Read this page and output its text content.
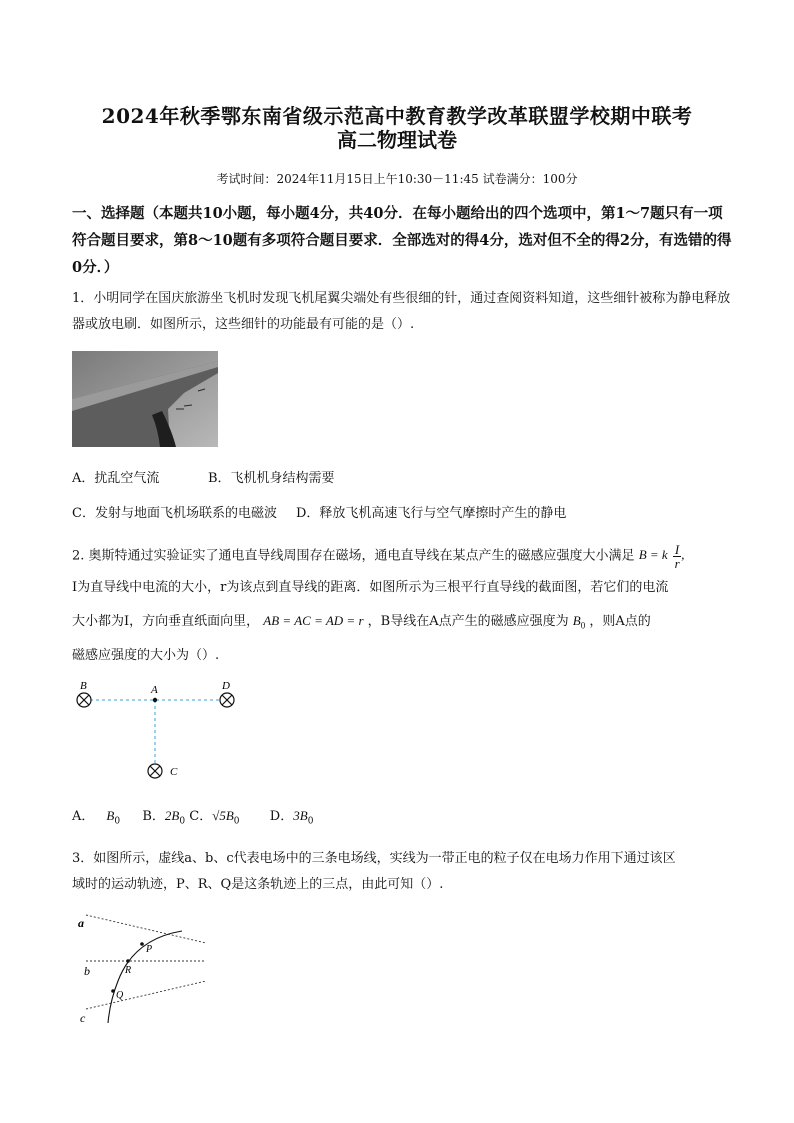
2024年秋季鄂东南省级示范高中教育教学改革联盟学校期中联考
高二物理试卷
考试时间：2024年11月15日上午10:30－11:45 试卷满分：100分
一、选择题（本题共10小题，每小题4分，共40分．在每小题给出的四个选项中，第1～7题只有一项符合题目要求，第8～10题有多项符合题目要求．全部选对的得4分，选对但不全的得2分，有选错的得0分．）
1．小明同学在国庆旅游坐飞机时发现飞机尾翼尖端处有些很细的针，通过查阅资料知道，这些细针被称为静电释放器或放电刷．如图所示，这些细针的功能最有可能的是（）.
A．扰乱空气流	B．飞机机身结构需要
C．发射与地面飞机场联系的电磁波 D．释放飞机高速飞行与空气摩擦时产生的静电
2. 奥斯特通过实验证实了通电直导线周围存在磁场，通电直导线在某点产生的磁感应强度大小满足 B = k $\frac{I}{r}$ ,
I为直导线中电流的大小，r为该点到直导线的距离．如图所示为三根平行直导线的截面图，若它们的电流
大小都为I，方向垂直纸面向里， AB = AC = AD = r ，B导线在A点产生的磁感应强度为 $B_0$ ，则A点的
磁感应强度的大小为（）.
B	A	D
C
A． $B_0$ B．$2B_0$ C．$√5B_0$ D．$3B_0$
3．如图所示，虚线a、b、c代表电场中的三条电场线，实线为一带正电的粒子仅在电场力作用下通过该区
域时的运动轨迹，P、R、Q是这条轨迹上的三点，由此可知（）.
a
b
c
P
R
Q
